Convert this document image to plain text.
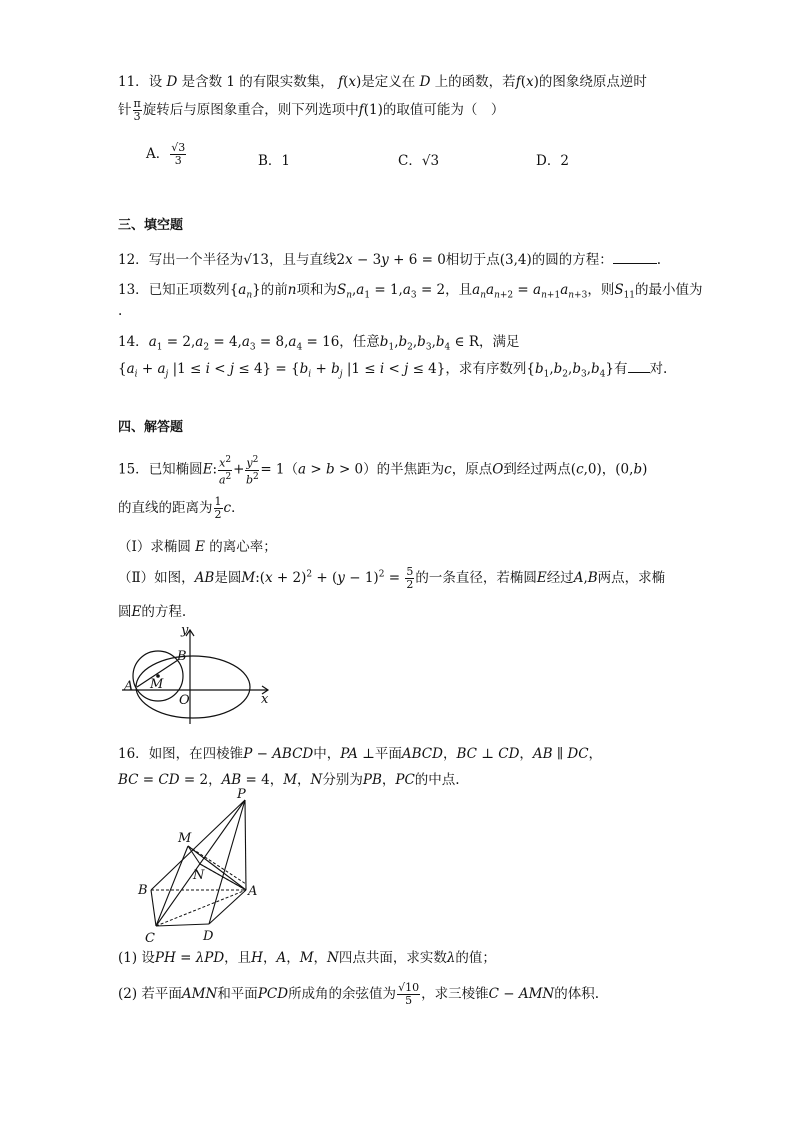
11．设 D 是含数 1 的有限实数集， f(x)是定义在 D 上的函数，若f(x)的图象绕原点逆时
针 $\frac{\pi}{3}$ 旋转后与原图象重合，则下列选项中f(1)的取值可能为（　）
A． $\frac{√3}{3}$	B．1	C．√3	D．2
三、填空题
12．写出一个半径为√13，且与直线2x − 3y + 6 = 0相切于点(3,4)的圆的方程：	.
13．已知正项数列$\{a_n\}$的前n项和为$S_n,a_1 = 1,a_3 = 2$，且$a_na_{n+2} = a_{n+1}a_{n+3}$，则$S_{11}$的最小值为
.
14．$a_1 = 2,a_2 = 4,a_3 = 8,a_4 = 16$，任意$b_1,b_2,b_3,b_4$ ∈ R，满足
{$a_i + a_j$ $|1 \le i < j \le 4\} = \{b_i + b_j$ |1 ≤ i < j ≤ 4}，求有序数列$\{b_1,b_2,b_3,b_4\}$有 对.
四、解答题
15．已知椭圆E: $\frac{x^2}{a^2} + \frac{y^2}{b^2} = 1(a > b > 0)$的半焦距为c，原点O到经过两点(c,0)，(0,b)
的直线的距离为 $\frac{1}{2}$ c．
（Ⅰ）求椭圆 E 的离心率；
（Ⅱ）如图，AB是圆M:(x + $2)^2 + (y - 1)^2 = \frac{5}{2}$ 的一条直径，若椭圆E经过A,B两点，求椭
圆E的方程.
y
x
B
A M
O
16．如图，在四棱锥P − ABCD中，PA ⊥平面ABCD，BC ⊥ CD，AB ∥ DC，
BC = CD = 2，AB = 4，M，N分别为PB，PC的中点.
P
M
N
B	A
C	D
(1) 设PH = λPD，且H，A，M，N四点共面，求实数λ的值；
(2) 若平面AMN和平面PCD所成角的余弦值为 $\frac{√10}{5}$ ，求三棱锥C − AMN的体积.
